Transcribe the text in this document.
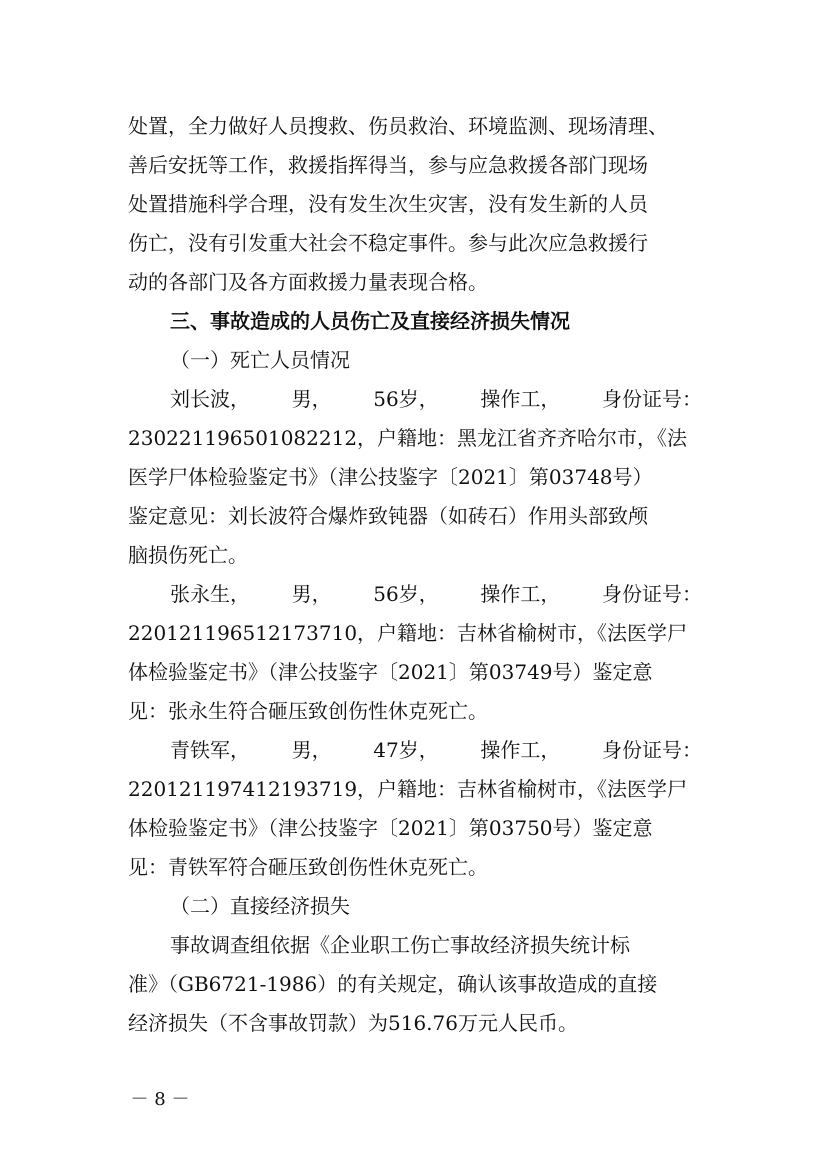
处置，全力做好人员搜救、伤员救治、环境监测、现场清理、
善后安抚等工作，救援指挥得当，参与应急救援各部门现场
处置措施科学合理，没有发生次生灾害，没有发生新的人员
伤亡，没有引发重大社会不稳定事件。参与此次应急救援行
动的各部门及各方面救援力量表现合格。
三、事故造成的人员伤亡及直接经济损失情况
（一）死亡人员情况
刘长波， 男， 56岁， 操作工， 身份证号：
230221196501082212，户籍地：黑龙江省齐齐哈尔市，《法
医学尸体检验鉴定书》（津公技鉴字〔2021〕第03748号）
鉴定意见：刘长波符合爆炸致钝器（如砖石）作用头部致颅
脑损伤死亡。
张永生， 男， 56岁， 操作工， 身份证号：
220121196512173710，户籍地：吉林省榆树市，《法医学尸
体检验鉴定书》（津公技鉴字〔2021〕第03749号）鉴定意
见：张永生符合砸压致创伤性休克死亡。
青铁军， 男， 47岁， 操作工， 身份证号：
220121197412193719，户籍地：吉林省榆树市，《法医学尸
体检验鉴定书》（津公技鉴字〔2021〕第03750号）鉴定意
见：青铁军符合砸压致创伤性休克死亡。
（二）直接经济损失
事故调查组依据《企业职工伤亡事故经济损失统计标
准》（GB6721-1986）的有关规定，确认该事故造成的直接
经济损失（不含事故罚款）为516.76万元人民币。
－ 8 －
